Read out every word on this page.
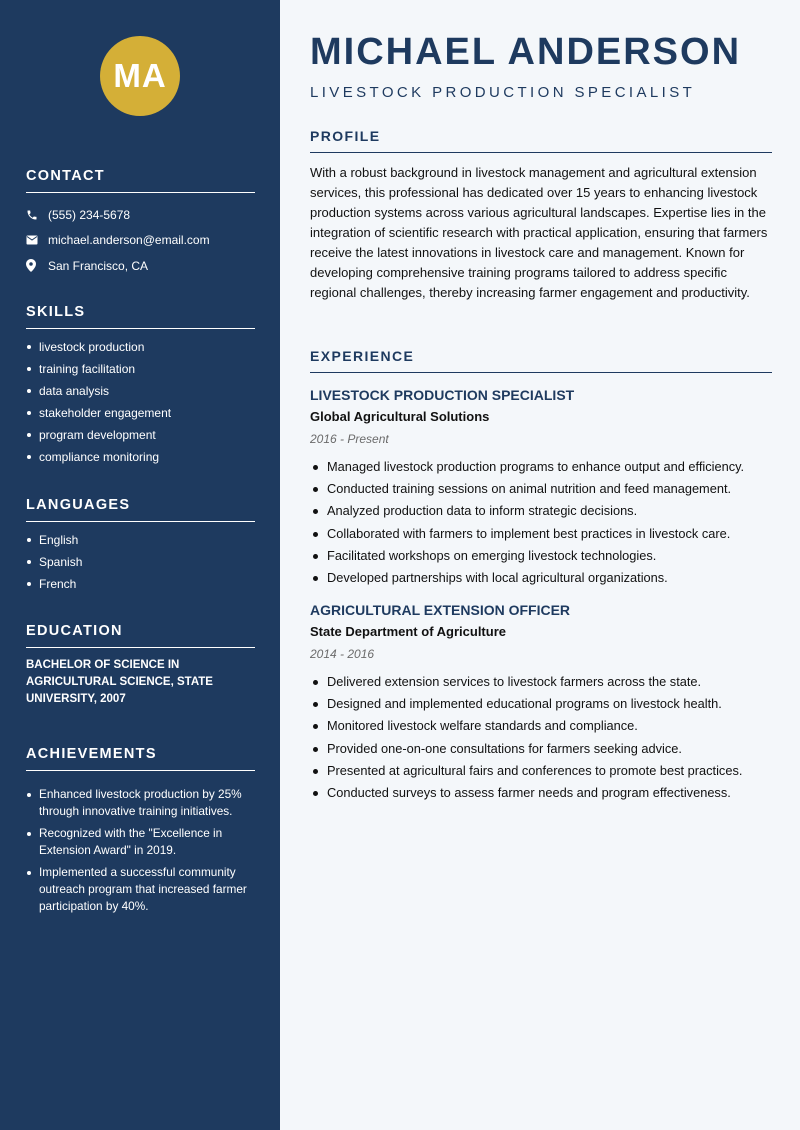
MA
CONTACT
(555) 234-5678
michael.anderson@email.com
San Francisco, CA
SKILLS
livestock production
training facilitation
data analysis
stakeholder engagement
program development
compliance monitoring
LANGUAGES
English
Spanish
French
EDUCATION
BACHELOR OF SCIENCE IN AGRICULTURAL SCIENCE, STATE UNIVERSITY, 2007
ACHIEVEMENTS
Enhanced livestock production by 25% through innovative training initiatives.
Recognized with the "Excellence in Extension Award" in 2019.
Implemented a successful community outreach program that increased farmer participation by 40%.
MICHAEL ANDERSON
LIVESTOCK PRODUCTION SPECIALIST
PROFILE

With a robust background in livestock management and agricultural extension services, this professional has dedicated over 15 years to enhancing livestock production systems across various agricultural landscapes. Expertise lies in the integration of scientific research with practical application, ensuring that farmers receive the latest innovations in livestock care and management. Known for developing comprehensive training programs tailored to address specific regional challenges, thereby increasing farmer engagement and productivity.

EXPERIENCE
LIVESTOCK PRODUCTION SPECIALIST
Global Agricultural Solutions
2016 - Present
Managed livestock production programs to enhance output and efficiency.
Conducted training sessions on animal nutrition and feed management.
Analyzed production data to inform strategic decisions.
Collaborated with farmers to implement best practices in livestock care.
Facilitated workshops on emerging livestock technologies.
Developed partnerships with local agricultural organizations.
AGRICULTURAL EXTENSION OFFICER
State Department of Agriculture
2014 - 2016
Delivered extension services to livestock farmers across the state.
Designed and implemented educational programs on livestock health.
Monitored livestock welfare standards and compliance.
Provided one-on-one consultations for farmers seeking advice.
Presented at agricultural fairs and conferences to promote best practices.
Conducted surveys to assess farmer needs and program effectiveness.
